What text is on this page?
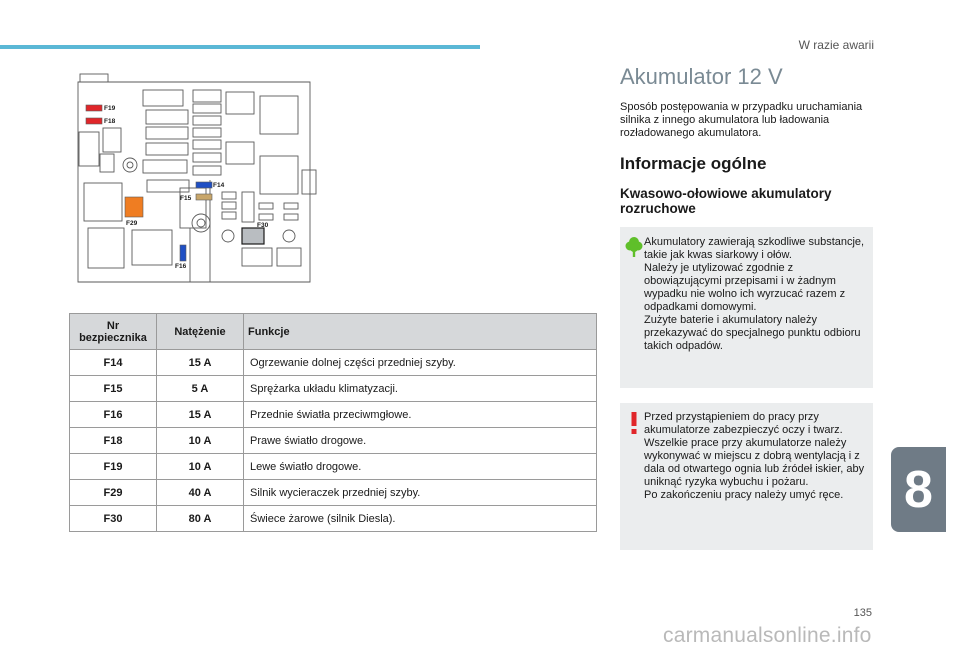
W razie awarii
F19
F18
F14
F15
F29	F30
F16
Nr bezpiecznika	Natężenie	Funkcje
F14	15 A	Ogrzewanie dolnej części przedniej szyby.
F15	5 A	Sprężarka układu klimatyzacji.
F16	15 A	Przednie światła przeciwmgłowe.
F18	10 A	Prawe światło drogowe.
F19	10 A	Lewe światło drogowe.
F29	40 A	Silnik wycieraczek przedniej szyby.
F30	80 A	Świece żarowe (silnik Diesla).
Akumulator 12 V

Sposób postępowania w przypadku uruchamiania silnika z innego akumulatora lub ładowania rozładowanego akumulatora.

Informacje ogólne
Kwasowo-ołowiowe akumulatory rozruchowe

Akumulatory zawierają szkodliwe substancje, takie jak kwas siarkowy i ołów.
Należy je utylizować zgodnie z obowiązującymi przepisami i w żadnym wypadku nie wolno ich wyrzucać razem z odpadkami domowymi.
Zużyte baterie i akumulatory należy przekazywać do specjalnego punktu odbioru takich odpadów.

Przed przystąpieniem do pracy przy akumulatorze zabezpieczyć oczy i twarz.
Wszelkie prace przy akumulatorze należy wykonywać w miejscu z dobrą wentylacją i z dala od otwartego ognia lub źródeł iskier, aby uniknąć ryzyka wybuchu i pożaru.
Po zakończeniu pracy należy umyć ręce.	8
135
carmanualsonline.info
